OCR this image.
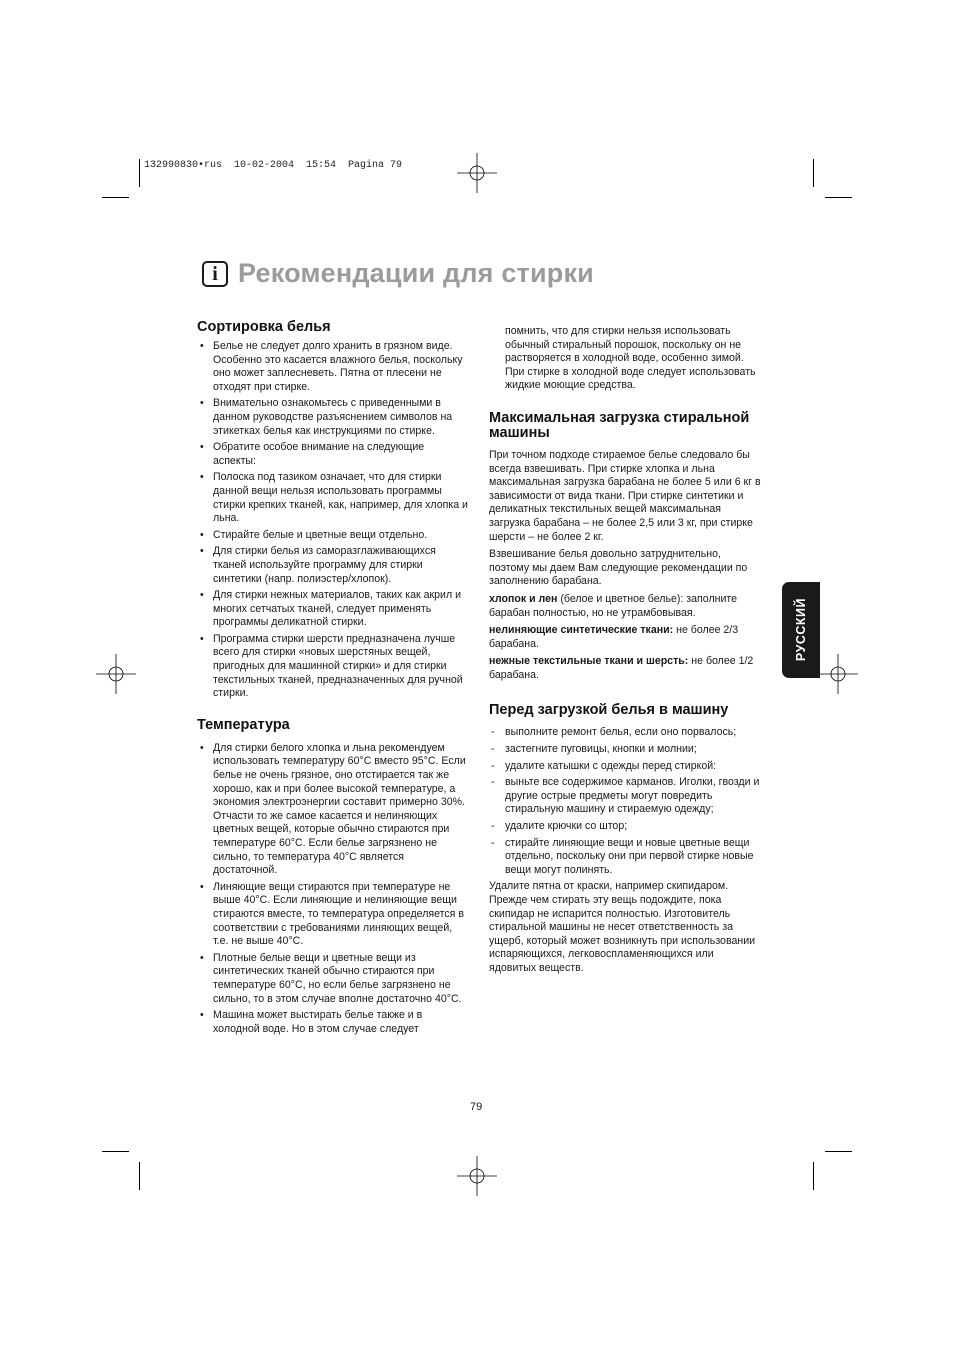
132990830•rus  10-02-2004  15:54  Pagina 79
i Рекомендации для стирки
Сортировка белья
• Белье не следует долго хранить в грязном виде. Особенно это касается влажного белья, поскольку оно может заплесневеть. Пятна от плесени не отходят при стирке.
• Внимательно ознакомьтесь с приведенными в данном руководстве разъяснением символов на этикетках белья как инструкциями по стирке.
• Обратите особое внимание на следующие аспекты:
• Полоска под тазиком означает, что для стирки данной вещи нельзя использовать программы стирки крепких тканей, как, например, для хлопка и льна.
• Стирайте белые и цветные вещи отдельно.
• Для стирки белья из саморазглаживающихся тканей используйте программу для стирки синтетики (напр. полиэстер/хлопок).
• Для стирки нежных материалов, таких как акрил и многих сетчатых тканей, следует применять программы деликатной стирки.
• Программа стирки шерсти предназначена лучше всего для стирки «новых шерстяных вещей, пригодных для машинной стирки» и для стирки текстильных тканей, предназначенных для ручной стирки.
Температура
• Для стирки белого хлопка и льна рекомендуем использовать температуру 60°С вместо 95°С. Если белье не очень грязное, оно отстирается так же хорошо, как и при более высокой температуре, а экономия электроэнергии составит примерно 30%. Отчасти то же самое касается и нелиняющих цветных вещей, которые обычно стираются при температуре 60°С. Если белье загрязнено не сильно, то температура 40°С является достаточной.
• Линяющие вещи стираются при температуре не выше 40°С. Если линяющие и нелиняющие вещи стираются вместе, то температура определяется в соответствии с требованиями линяющих вещей, т.е. не выше 40°С.
• Плотные белые вещи и цветные вещи из синтетических тканей обычно стираются при температуре 60°С, но если белье загрязнено не сильно, то в этом случае вполне достаточно 40°С.
• Машина может выстирать белье также и в холодной воде. Но в этом случае следует

помнить, что для стирки нельзя использовать обычный стиральный порошок, поскольку он не растворяется в холодной воде, особенно зимой. При стирке в холодной воде следует использовать жидкие моющие средства.

Максимальная загрузка стиральной машины

При точном подходе стираемое белье следовало бы всегда взвешивать. При стирке хлопка и льна максимальная загрузка барабана не более 5 или 6 кг в зависимости от вида ткани. При стирке синтетики и деликатных текстильных вещей максимальная загрузка барабана – не более 2,5 или 3 кг, при стирке шерсти – не более 2 кг.

Взвешивание белья довольно затруднительно, поэтому мы даем Вам следующие рекомендации по заполнению барабана.

хлопок и лен (белое и цветное белье): заполните барабан полностью, но не утрамбовывая.

нелиняющие синтетические ткани: не более 2/3 барабана.

нежные текстильные ткани и шерсть: не более 1/2 барабана.

Перед загрузкой белья в машину
- выполните ремонт белья, если оно порвалось;
- застегните пуговицы, кнопки и молнии;
- удалите катышки с одежды перед стиркой:
- выньте все содержимое карманов. Иголки, гвозди и другие острые предметы могут повредить стиральную машину и стираемую одежду;
- удалите крючки со штор;
- стирайте линяющие вещи и новые цветные вещи отдельно, поскольку они при первой стирке новые вещи могут полинять.

Удалите пятна от краски, например скипидаром. Прежде чем стирать эту вещь подождите, пока скипидар не испарится полностью. Изготовитель стиральной машины не несет ответственность за ущерб, который может возникнуть при использовании испаряющихся, легковоспламеняющихся или ядовитых веществ.

РУССКИЙ
79
